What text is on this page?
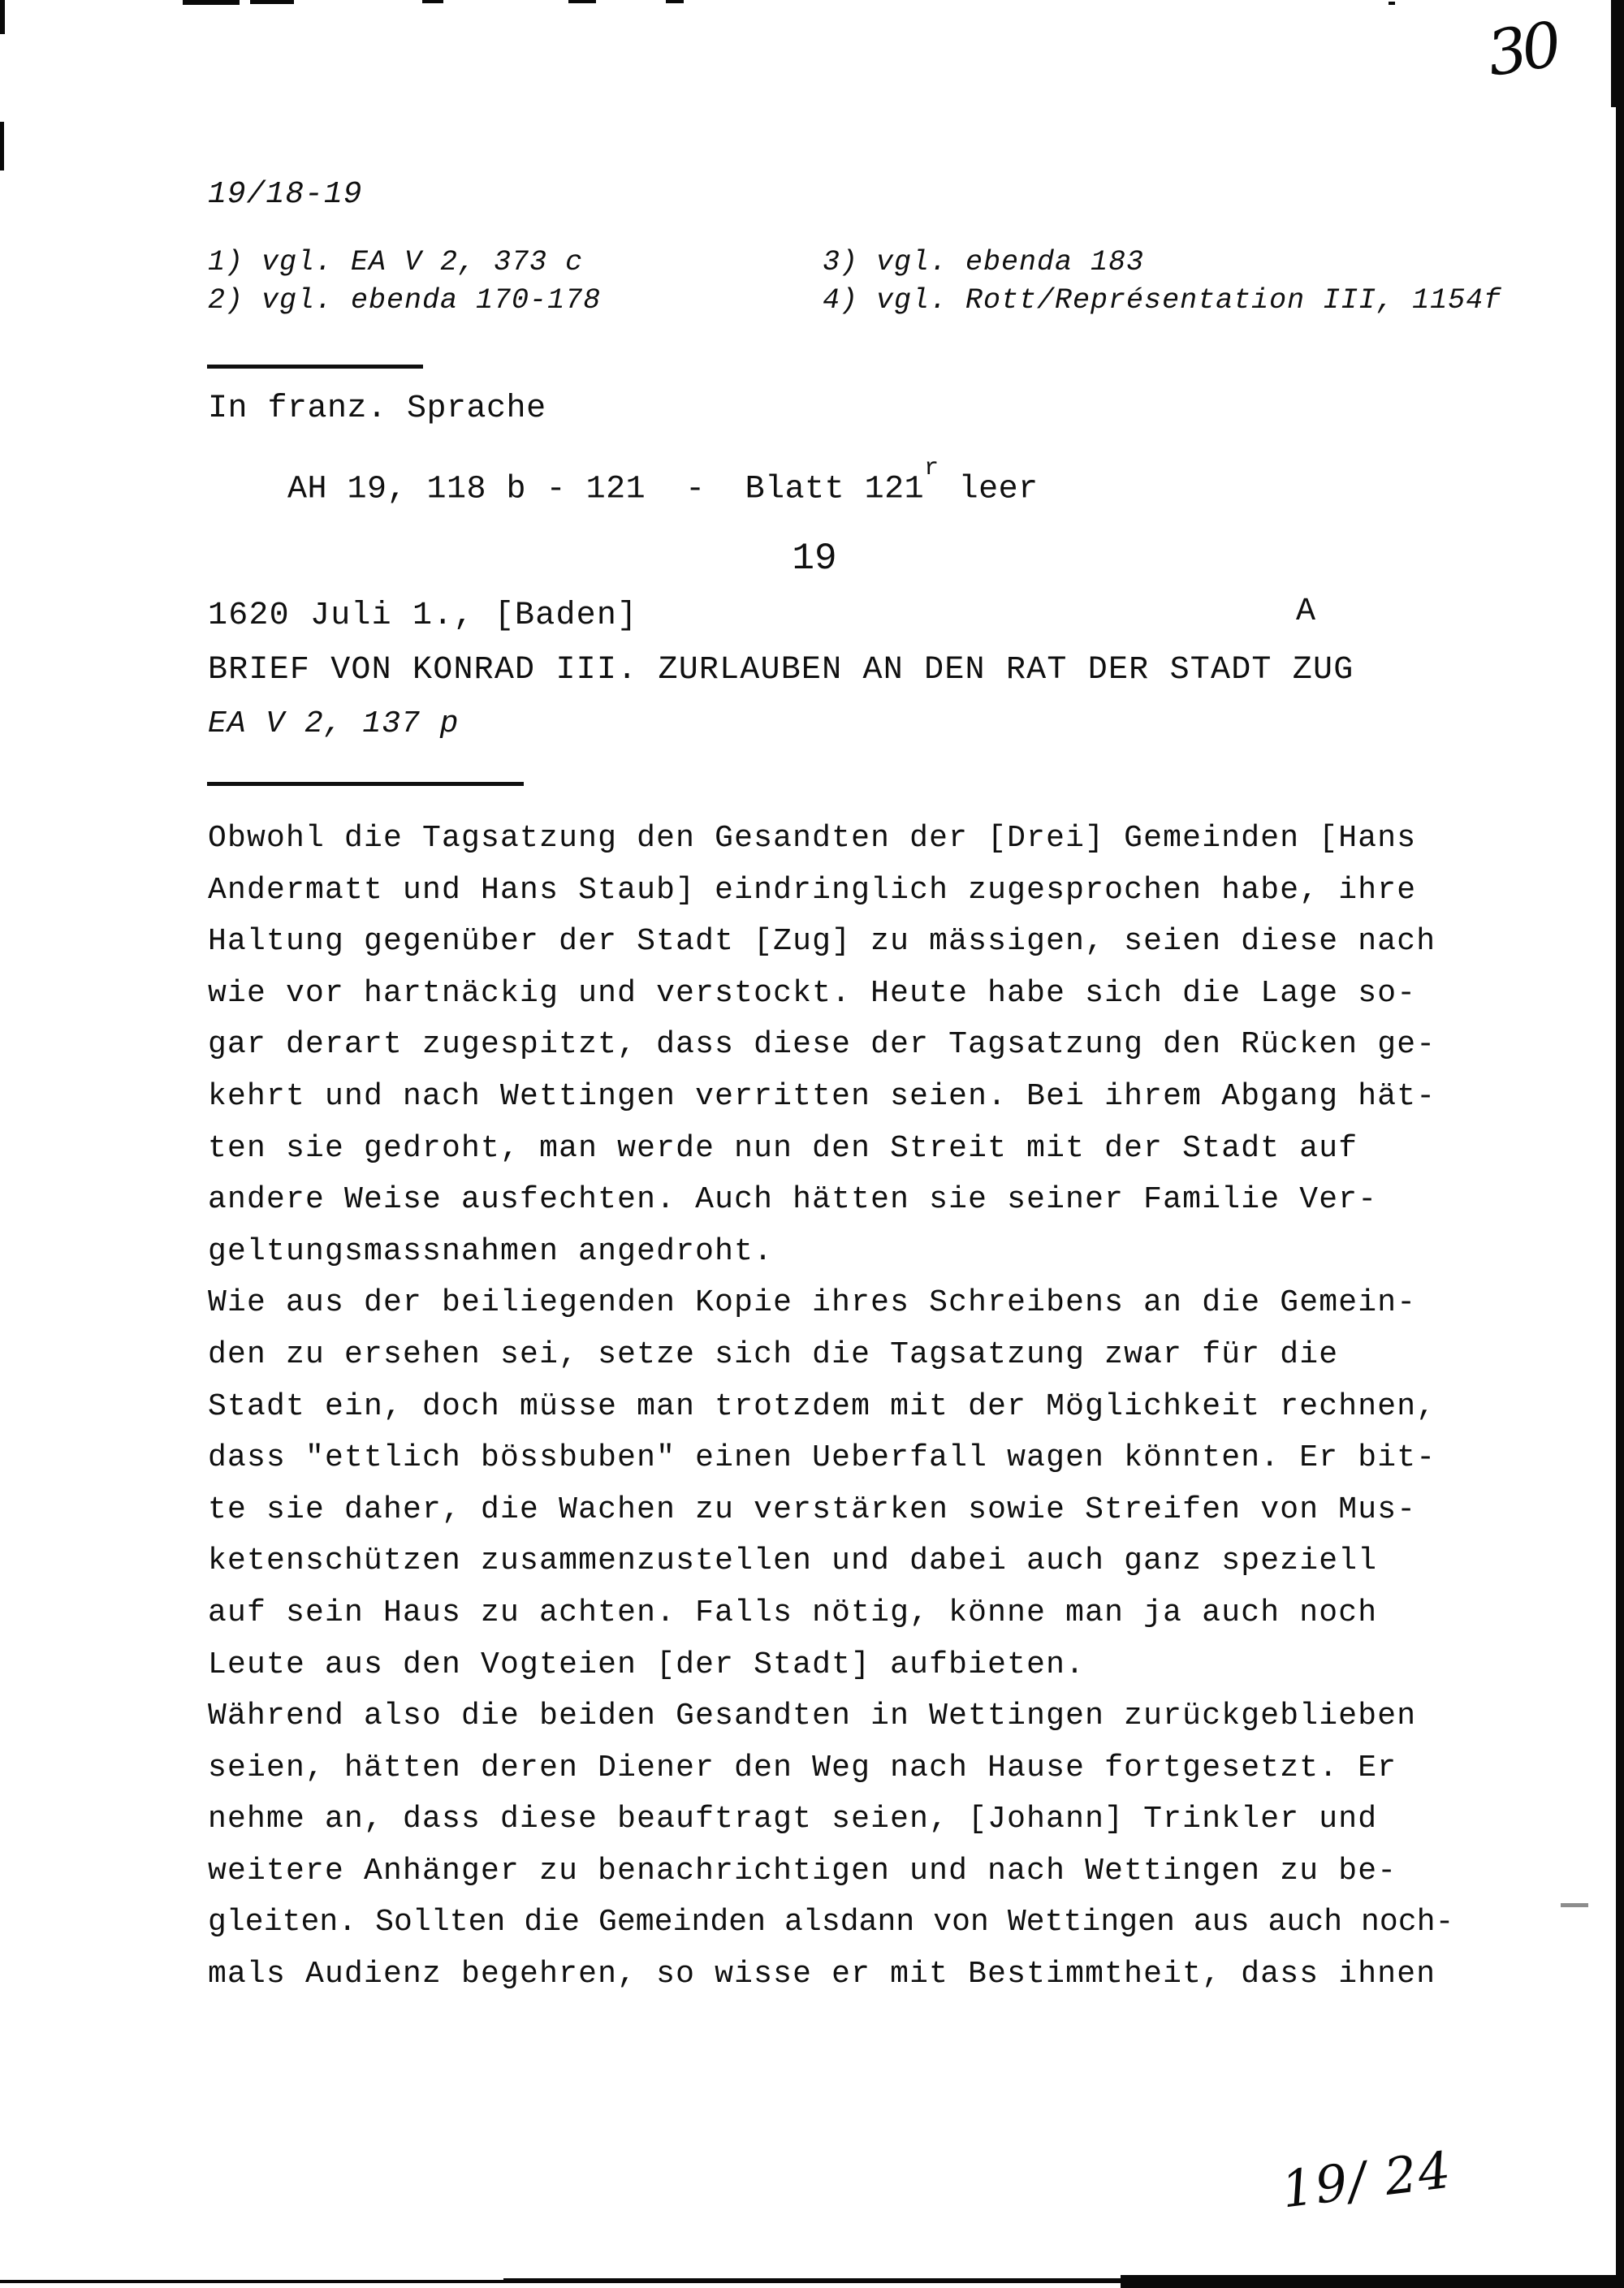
30
19/ 24
19/18-19
1) vgl. EA V 2, 373 c
2) vgl. ebenda 170-178
3) vgl. ebenda 183
4) vgl. Rott/Représentation III, 1154f
In franz. Sprache

AH 19, 118 b - 121  -  Blatt 121$^r$ leer

19
1620 Juli 1., [Baden]	A
BRIEF VON KONRAD III. ZURLAUBEN AN DEN RAT DER STADT ZUG
EA V 2, 137 p
Obwohl die Tagsatzung den Gesandten der [Drei] Gemeinden [Hans
Andermatt und Hans Staub] eindringlich zugesprochen habe, ihre
Haltung gegenüber der Stadt [Zug] zu mässigen, seien diese nach
wie vor hartnäckig und verstockt. Heute habe sich die Lage so-
gar derart zugespitzt, dass diese der Tagsatzung den Rücken ge-
kehrt und nach Wettingen verritten seien. Bei ihrem Abgang hät-
ten sie gedroht, man werde nun den Streit mit der Stadt auf
andere Weise ausfechten. Auch hätten sie seiner Familie Ver-
geltungsmassnahmen angedroht.
Wie aus der beiliegenden Kopie ihres Schreibens an die Gemein-
den zu ersehen sei, setze sich die Tagsatzung zwar für die
Stadt ein, doch müsse man trotzdem mit der Möglichkeit rechnen,
dass "ettlich bössbuben" einen Ueberfall wagen könnten. Er bit-
te sie daher, die Wachen zu verstärken sowie Streifen von Mus-
ketenschützen zusammenzustellen und dabei auch ganz speziell
auf sein Haus zu achten. Falls nötig, könne man ja auch noch
Leute aus den Vogteien [der Stadt] aufbieten.
Während also die beiden Gesandten in Wettingen zurückgeblieben
seien, hätten deren Diener den Weg nach Hause fortgesetzt. Er
nehme an, dass diese beauftragt seien, [Johann] Trinkler und
weitere Anhänger zu benachrichtigen und nach Wettingen zu be-
gleiten. Sollten die Gemeinden alsdann von Wettingen aus auch noch-
mals Audienz begehren, so wisse er mit Bestimmtheit, dass ihnen
